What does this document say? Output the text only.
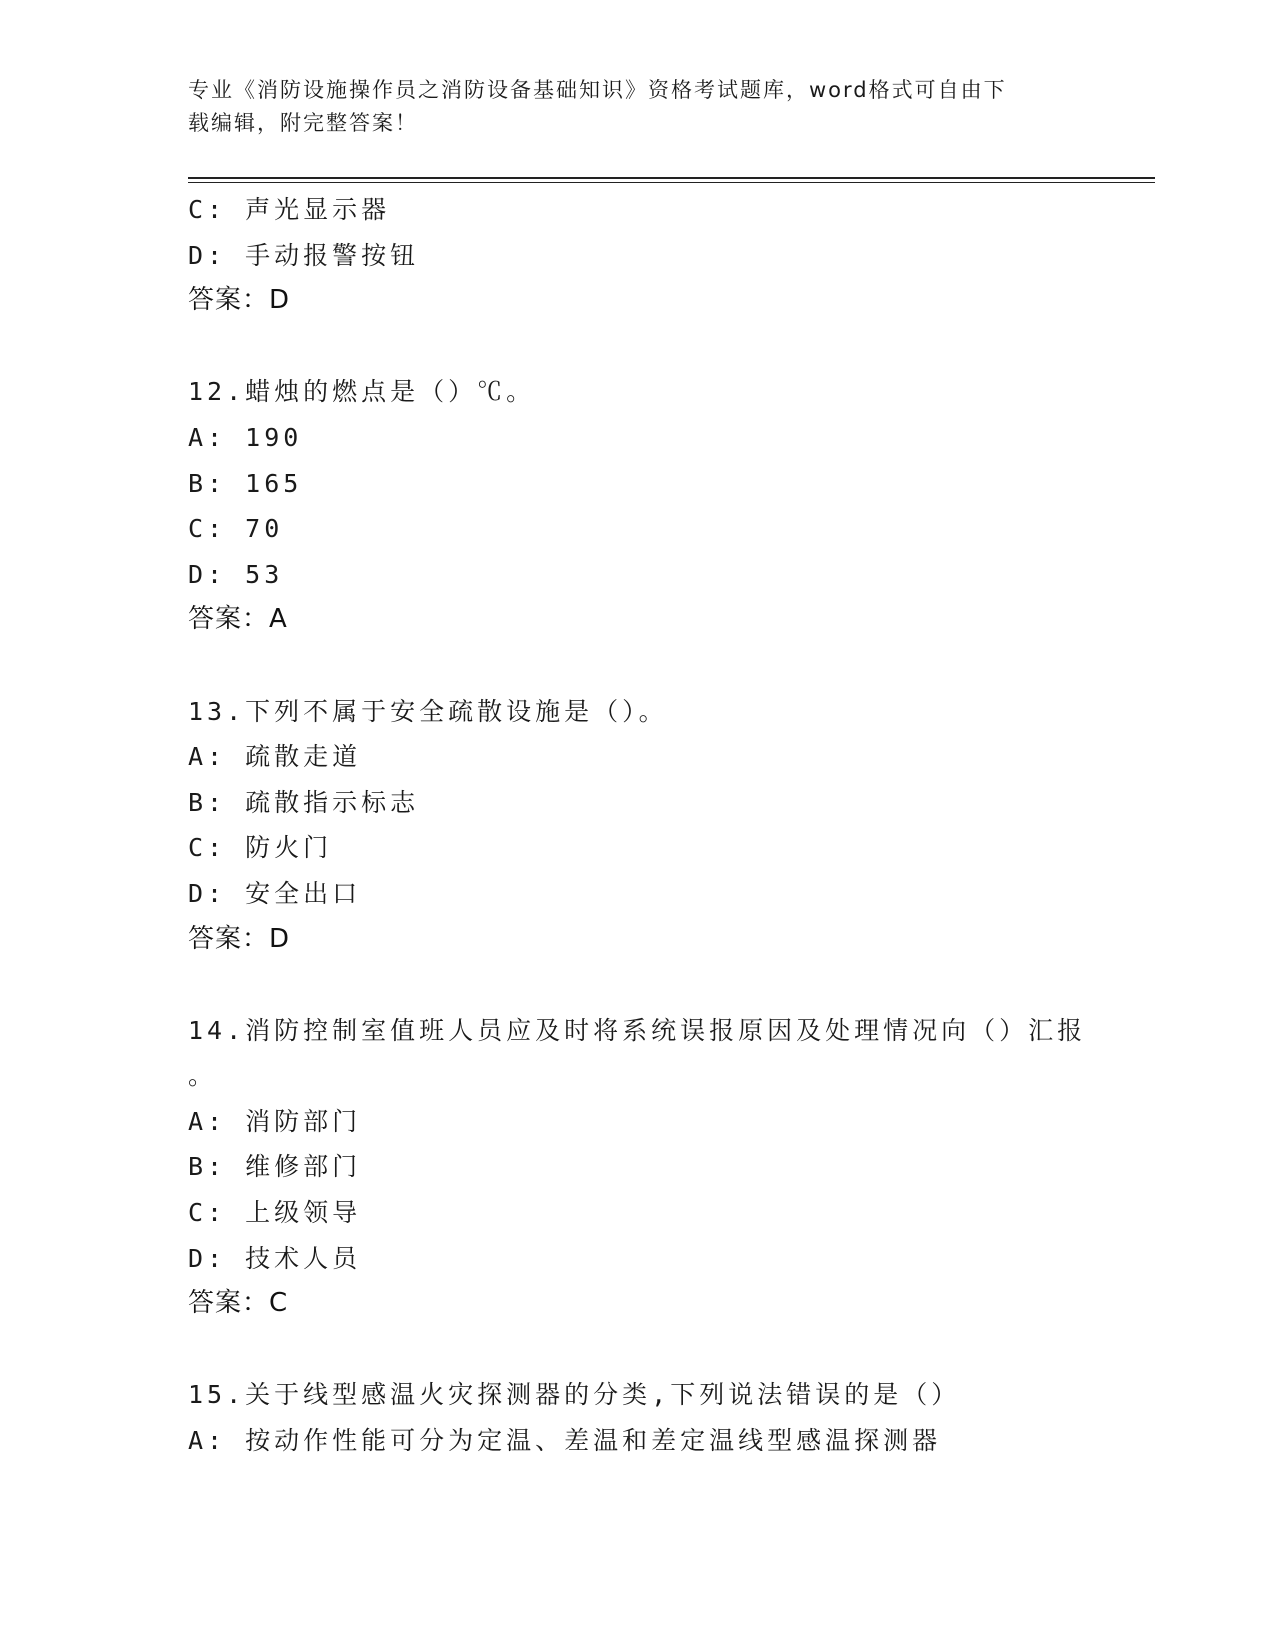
专业《消防设施操作员之消防设备基础知识》资格考试题库，word格式可自由下
载编辑，附完整答案！
C: 声光显示器
D: 手动报警按钮
答案：D
12.蜡烛的燃点是（）℃。
A: 190
B: 165
C: 70
D: 53
答案：A
13.下列不属于安全疏散设施是（）。
A: 疏散走道
B: 疏散指示标志
C: 防火门
D: 安全出口
答案：D
14.消防控制室值班人员应及时将系统误报原因及处理情况向（）汇报
。
A: 消防部门
B: 维修部门
C: 上级领导
D: 技术人员
答案：C
15.关于线型感温火灾探测器的分类,下列说法错误的是（）
A: 按动作性能可分为定温、差温和差定温线型感温探测器
